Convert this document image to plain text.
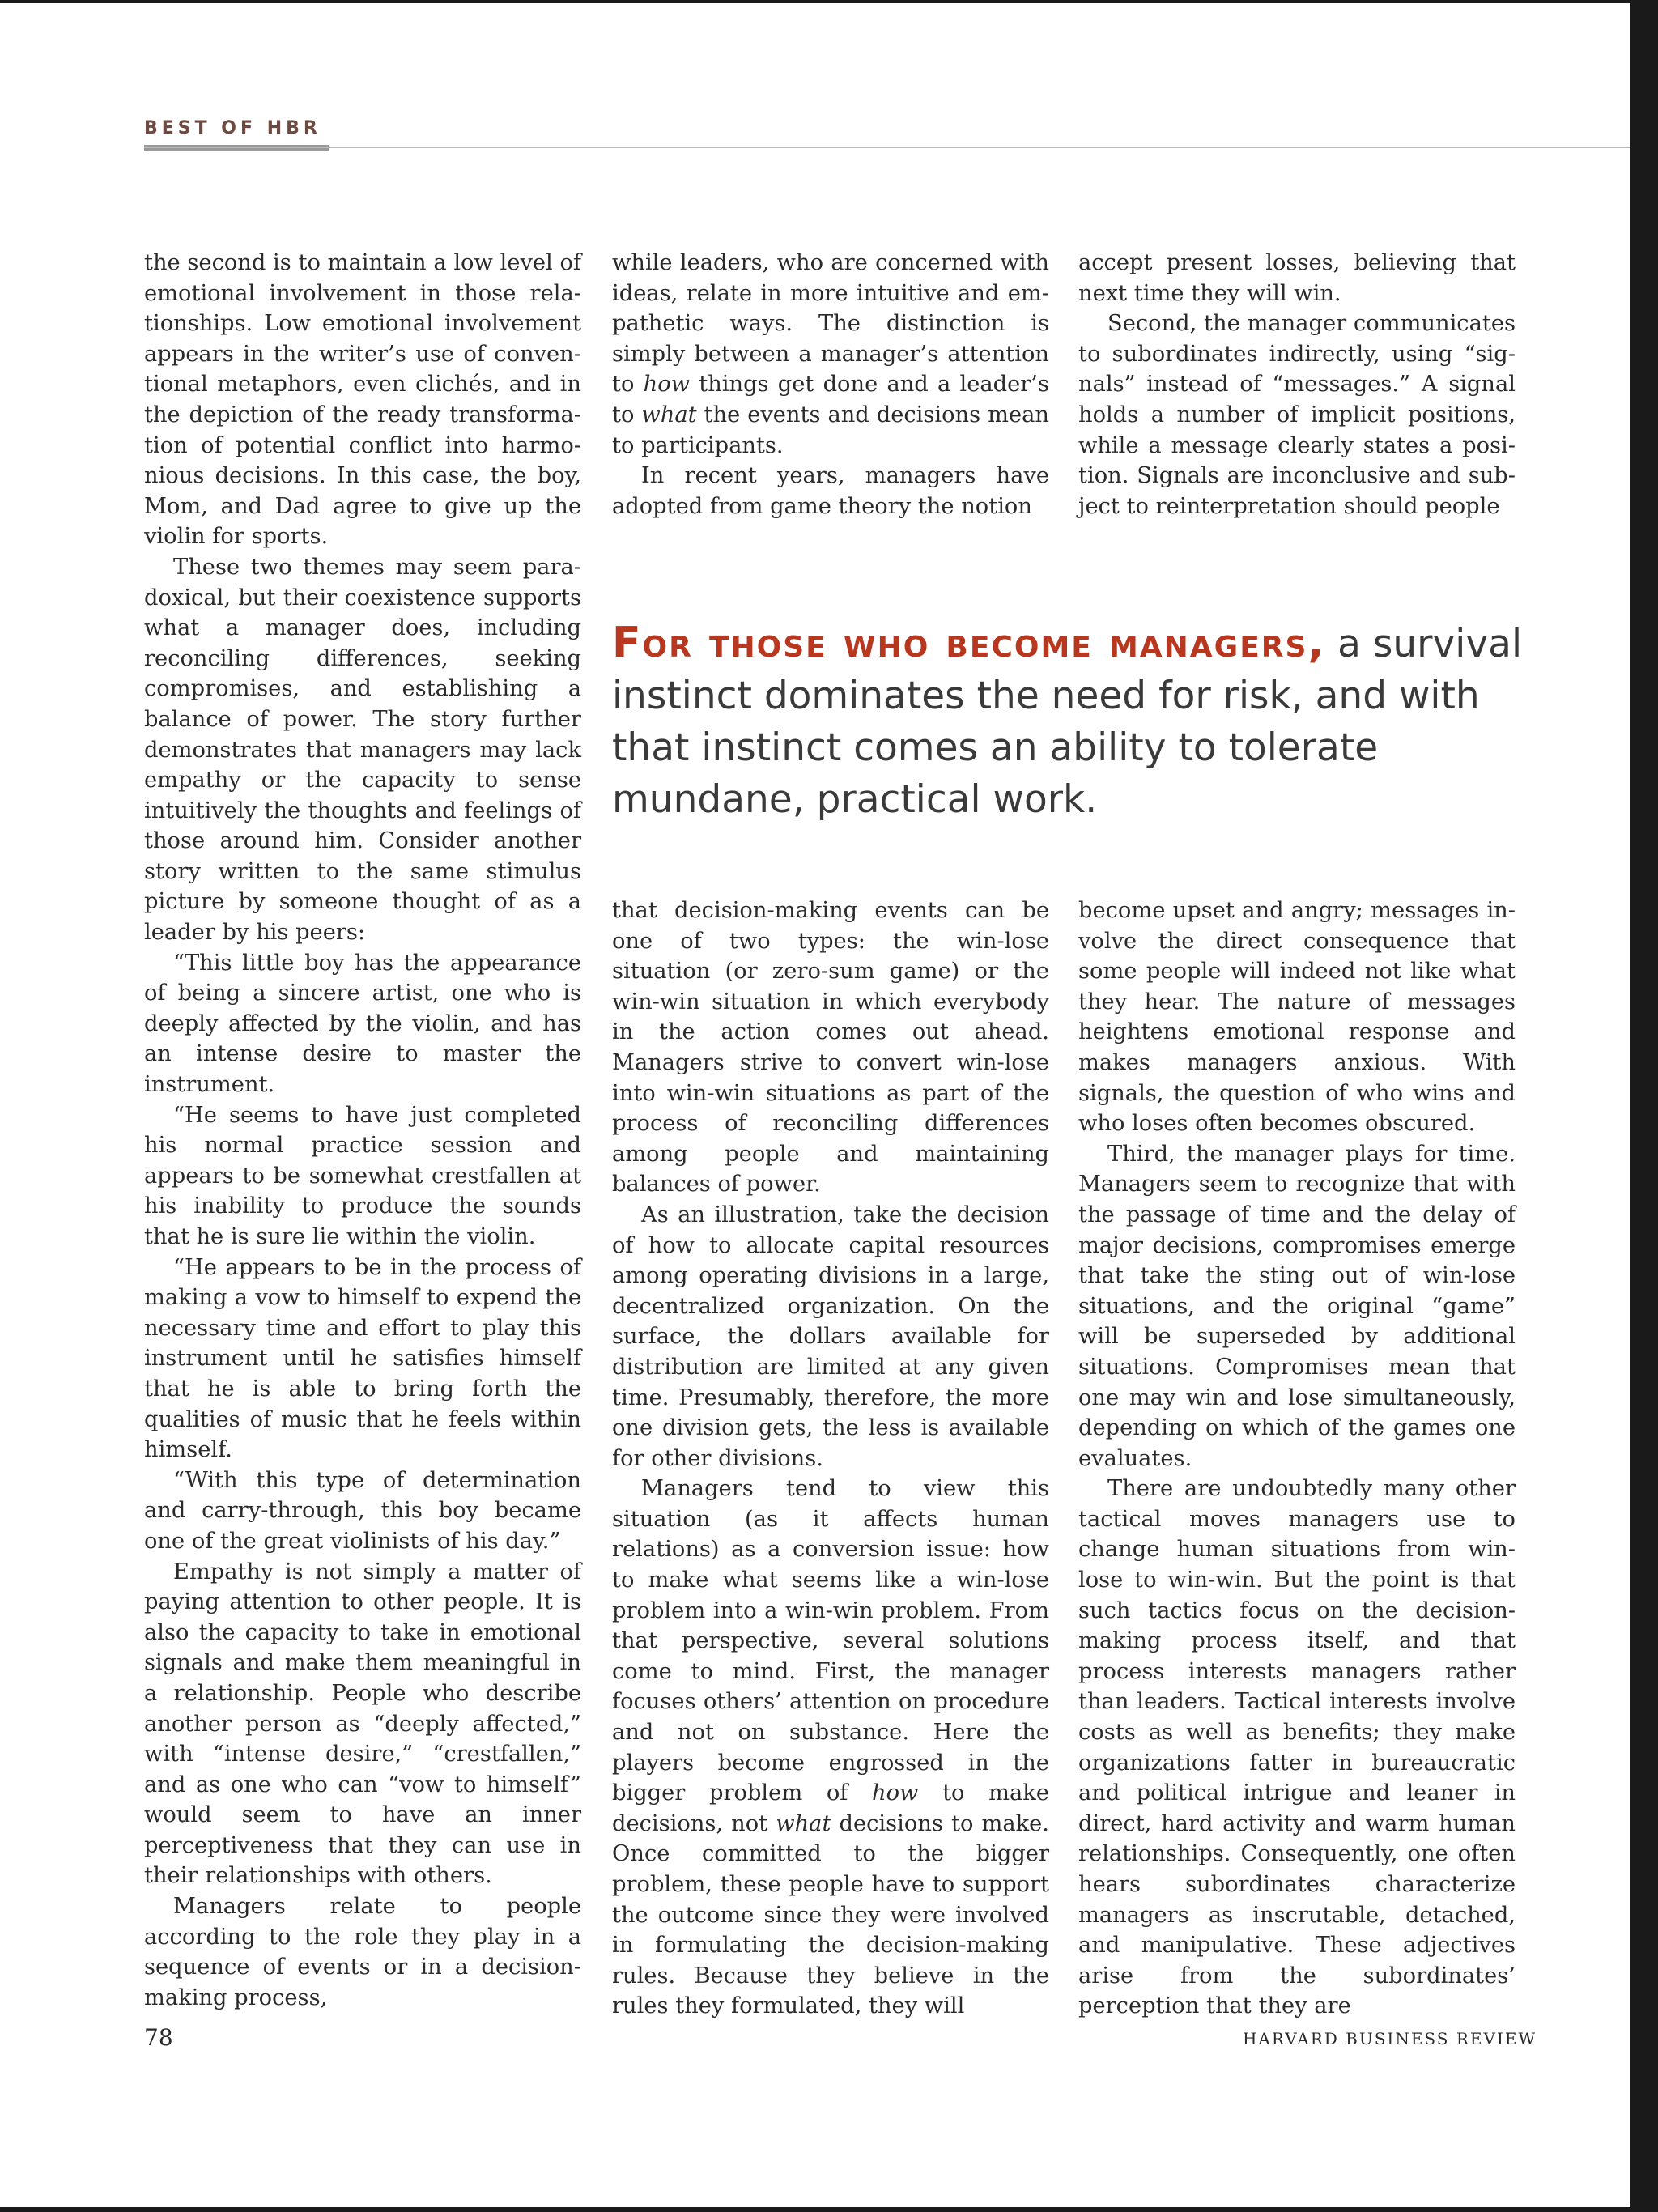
BEST OF HBR

the second is to maintain a low level of emotional involvement in those relationships. Low emotional involvement appears in the writer’s use of conventional metaphors, even clichés, and in the depiction of the ready transformation of potential conflict into harmonious decisions. In this case, the boy, Mom, and Dad agree to give up the violin for sports.

These two themes may seem paradoxical, but their coexistence supports what a manager does, including reconciling differences, seeking compromises, and establishing a balance of power. The story further demonstrates that managers may lack empathy or the capacity to sense intuitively the thoughts and feelings of those around him. Consider another story written to the same stimulus picture by someone thought of as a leader by his peers:

“This little boy has the appearance of being a sincere artist, one who is deeply affected by the violin, and has an intense desire to master the instrument.

“He seems to have just completed his normal practice session and appears to be somewhat crestfallen at his inability to produce the sounds that he is sure lie within the violin.

“He appears to be in the process of making a vow to himself to expend the necessary time and effort to play this instrument until he satisfies himself that he is able to bring forth the qualities of music that he feels within himself.

“With this type of determination and carry-through, this boy became one of the great violinists of his day.”

Empathy is not simply a matter of paying attention to other people. It is also the capacity to take in emotional signals and make them meaningful in a relationship. People who describe another person as “deeply affected,” with “intense desire,” “crestfallen,” and as one who can “vow to himself” would seem to have an inner perceptiveness that they can use in their relationships with others.

Managers relate to people according to the role they play in a sequence of events or in a decision-making process,

while leaders, who are concerned with ideas, relate in more intuitive and empathetic ways. The distinction is simply between a manager’s attention to how things get done and a leader’s to what the events and decisions mean to participants.

In recent years, managers have adopted from game theory the notion

accept present losses, believing that next time they will win.

Second, the manager communicates to subordinates indirectly, using “signals” instead of “messages.” A signal holds a number of implicit positions, while a message clearly states a position. Signals are inconclusive and subject to reinterpretation should people

For those who become managers, a survival instinct dominates the need for risk, and with that instinct comes an ability to tolerate mundane, practical work.

that decision-making events can be one of two types: the win-lose situation (or zero-sum game) or the win-win situation in which everybody in the action comes out ahead. Managers strive to convert win-lose into win-win situations as part of the process of reconciling differences among people and maintaining balances of power.

As an illustration, take the decision of how to allocate capital resources among operating divisions in a large, decentralized organization. On the surface, the dollars available for distribution are limited at any given time. Presumably, therefore, the more one division gets, the less is available for other divisions.

Managers tend to view this situation (as it affects human relations) as a conversion issue: how to make what seems like a win-lose problem into a win-win problem. From that perspective, several solutions come to mind. First, the manager focuses others’ attention on procedure and not on substance. Here the players become engrossed in the bigger problem of how to make decisions, not what decisions to make. Once committed to the bigger problem, these people have to support the outcome since they were involved in formulating the decision-making rules. Because they believe in the rules they formulated, they will

become upset and angry; messages involve the direct consequence that some people will indeed not like what they hear. The nature of messages heightens emotional response and makes managers anxious. With signals, the question of who wins and who loses often becomes obscured.

Third, the manager plays for time. Managers seem to recognize that with the passage of time and the delay of major decisions, compromises emerge that take the sting out of win-lose situations, and the original “game” will be superseded by additional situations. Compromises mean that one may win and lose simultaneously, depending on which of the games one evaluates.

There are undoubtedly many other tactical moves managers use to change human situations from win-lose to win-win. But the point is that such tactics focus on the decision-making process itself, and that process interests managers rather than leaders. Tactical interests involve costs as well as benefits; they make organizations fatter in bureaucratic and political intrigue and leaner in direct, hard activity and warm human relationships. Consequently, one often hears subordinates characterize managers as inscrutable, detached, and manipulative. These adjectives arise from the subordinates’ perception that they are

78	HARVARD BUSINESS REVIEW
